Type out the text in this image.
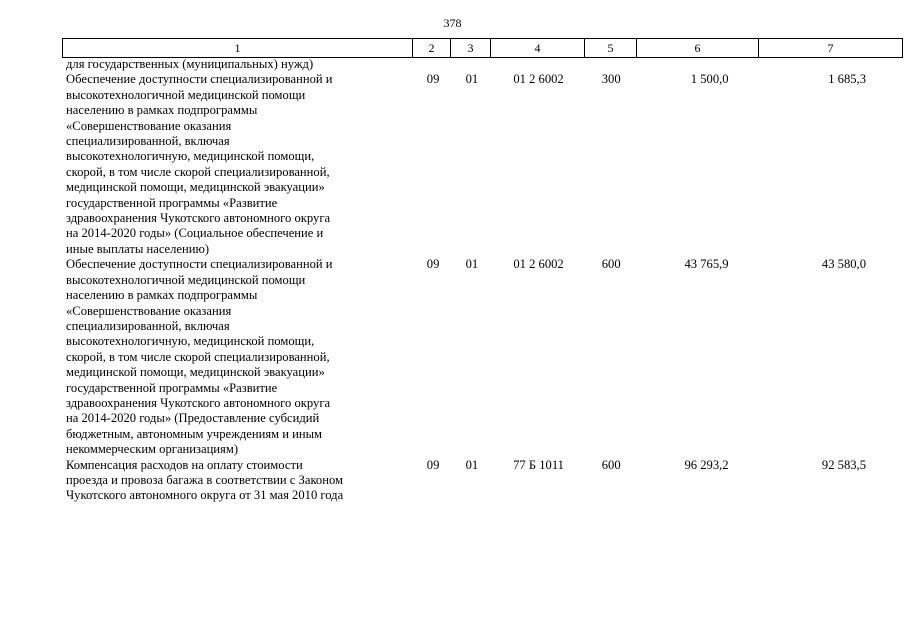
378
1	2	3	4	5	6	7
для государственных (муниципальных) нужд)
Обеспечение доступности специализированной и
высокотехнологичной медицинской помощи
населению в рамках подпрограммы
«Совершенствование оказания
специализированной, включая
высокотехнологичную, медицинской помощи,
скорой, в том числе скорой специализированной,
медицинской помощи, медицинской эвакуации»
государственной программы «Развитие
здравоохранения Чукотского автономного округа
на 2014-2020 годы» (Социальное обеспечение и
иные выплаты населению)
09	01	01 2 6002	300	1 500,0	1 685,3
Обеспечение доступности специализированной и
высокотехнологичной медицинской помощи
населению в рамках подпрограммы
«Совершенствование оказания
специализированной, включая
высокотехнологичную, медицинской помощи,
скорой, в том числе скорой специализированной,
медицинской помощи, медицинской эвакуации»
государственной программы «Развитие
здравоохранения Чукотского автономного округа
на 2014-2020 годы» (Предоставление субсидий
бюджетным, автономным учреждениям и иным
некоммерческим организациям)
09	01	01 2 6002	600	43 765,9	43 580,0
Компенсация расходов на оплату стоимости
проезда и провоза багажа в соответствии с Законом
Чукотского автономного округа от 31 мая 2010 года
09	01	77 Б 1011	600	96 293,2	92 583,5
